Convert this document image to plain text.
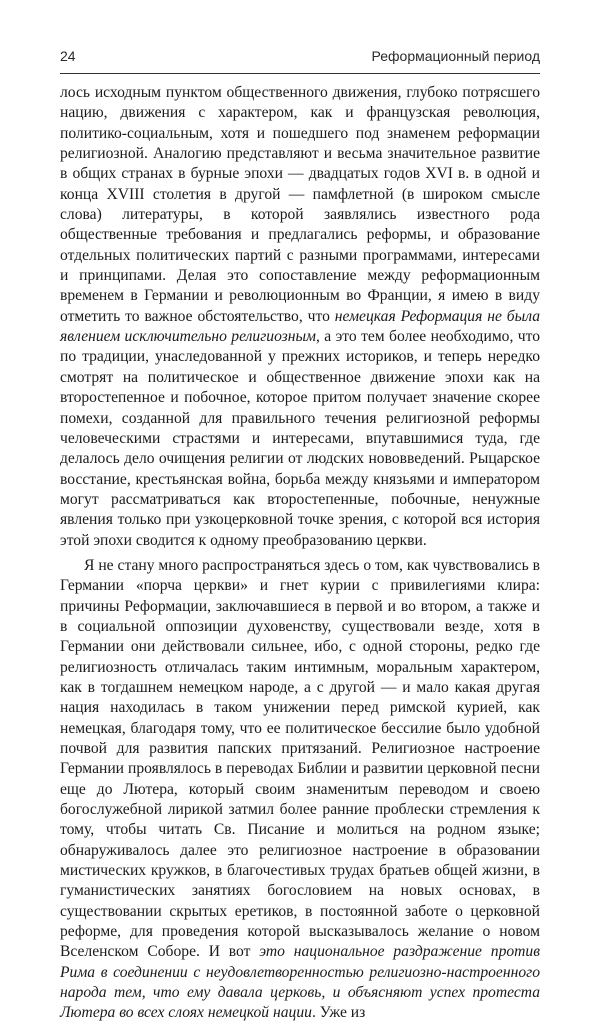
24	Реформационный период

лось исходным пунктом общественного движения, глубоко потрясшего нацию, движения с характером, как и французская революция, политико-социальным, хотя и пошедшего под знаменем реформации религиозной. Аналогию представляют и весьма значительное развитие в общих странах в бурные эпохи — двадцатых годов XVI в. в одной и конца XVIII столетия в другой — памфлетной (в широком смысле слова) литературы, в которой заявлялись известного рода общественные требования и предлагались реформы, и образование отдельных политических партий с разными программами, интересами и принципами. Делая это сопоставление между реформационным временем в Германии и революционным во Франции, я имею в виду отметить то важное обстоятельство, что немецкая Реформация не была явлением исключительно религиозным, а это тем более необходимо, что по традиции, унаследованной у прежних историков, и теперь нередко смотрят на политическое и общественное движение эпохи как на второстепенное и побочное, которое притом получает значение скорее помехи, созданной для правильного течения религиозной реформы человеческими страстями и интересами, впутавшимися туда, где делалось дело очищения религии от людских нововведений. Рыцарское восстание, крестьянская война, борьба между князьями и императором могут рассматриваться как второстепенные, побочные, ненужные явления только при узкоцерковной точке зрения, с которой вся история этой эпохи сводится к одному преобразованию церкви.

Я не стану много распространяться здесь о том, как чувствовались в Германии «порча церкви» и гнет курии с привилегиями клира: причины Реформации, заключавшиеся в первой и во втором, а также и в социальной оппозиции духовенству, существовали везде, хотя в Германии они действовали сильнее, ибо, с одной стороны, редко где религиозность отличалась таким интимным, моральным характером, как в тогдашнем немецком народе, а с другой — и мало какая другая нация находилась в таком унижении перед римской курией, как немецкая, благодаря тому, что ее политическое бессилие было удобной почвой для развития папских притязаний. Религиозное настроение Германии проявлялось в переводах Библии и развитии церковной песни еще до Лютера, который своим знаменитым переводом и своею богослужебной лирикой затмил более ранние проблески стремления к тому, чтобы читать Св. Писание и молиться на родном языке; обнаруживалось далее это религиозное настроение в образовании мистических кружков, в благочестивых трудах братьев общей жизни, в гуманистических занятиях богословием на новых основах, в существовании скрытых еретиков, в постоянной заботе о церковной реформе, для проведения которой высказывалось желание о новом Вселенском Соборе. И вот это национальное раздражение против Рима в соединении с неудовлетворенностью религиозно-настроенного народа тем, что ему давала церковь, и объясняют успех протеста Лютера во всех слоях немецкой нации. Уже из
